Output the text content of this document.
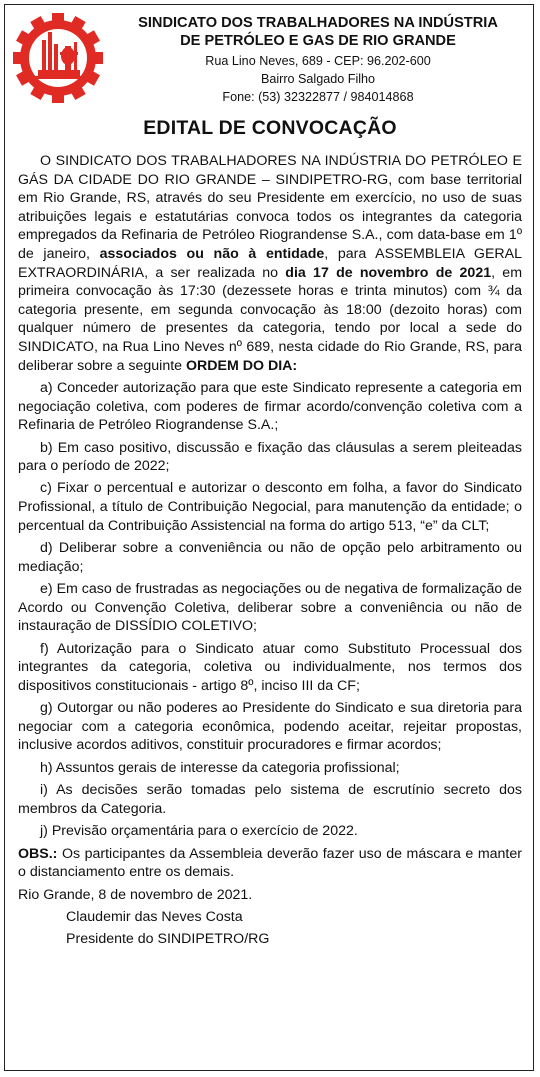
SINDICATO DOS TRABALHADORES NA INDÚSTRIA
DE PETRÓLEO E GAS DE RIO GRANDE
Rua Lino Neves, 689 - CEP: 96.202-600
Bairro Salgado Filho
Fone: (53) 32322877 / 984014868
EDITAL DE CONVOCAÇÃO

O SINDICATO DOS TRABALHADORES NA INDÚSTRIA DO PETRÓLEO E GÁS DA CIDADE DO RIO GRANDE – SINDIPETRO-RG, com base territorial em Rio Grande, RS, através do seu Presidente em exercício, no uso de suas atribuições legais e estatutárias convoca todos os integrantes da categoria empregados da Refinaria de Petróleo Riograndense S.A., com data-base em 1º de janeiro, associados ou não à entidade, para ASSEMBLEIA GERAL EXTRAORDINÁRIA, a ser realizada no dia 17 de novembro de 2021, em primeira convocação às 17:30 (dezessete horas e trinta minutos) com ¾ da categoria presente, em segunda convocação às 18:00 (dezoito horas) com qualquer número de presentes da categoria, tendo por local a sede do SINDICATO, na Rua Lino Neves nº 689, nesta cidade do Rio Grande, RS, para deliberar sobre a seguinte ORDEM DO DIA:

a) Conceder autorização para que este Sindicato represente a categoria em negociação coletiva, com poderes de firmar acordo/convenção coletiva com a Refinaria de Petróleo Riograndense S.A.;

b) Em caso positivo, discussão e fixação das cláusulas a serem pleiteadas para o período de 2022;

c) Fixar o percentual e autorizar o desconto em folha, a favor do Sindicato Profissional, a título de Contribuição Negocial, para manutenção da entidade; o percentual da Contribuição Assistencial na forma do artigo 513, “e” da CLT;

d) Deliberar sobre a conveniência ou não de opção pelo arbitramento ou mediação;

e) Em caso de frustradas as negociações ou de negativa de formalização de Acordo ou Convenção Coletiva, deliberar sobre a conveniência ou não de instauração de DISSÍDIO COLETIVO;

f) Autorização para o Sindicato atuar como Substituto Processual dos integrantes da categoria, coletiva ou individualmente, nos termos dos dispositivos constitucionais - artigo 8º, inciso III da CF;

g) Outorgar ou não poderes ao Presidente do Sindicato e sua diretoria para negociar com a categoria econômica, podendo aceitar, rejeitar propostas, inclusive acordos aditivos, constituir procuradores e firmar acordos;

h) Assuntos gerais de interesse da categoria profissional;

i) As decisões serão tomadas pelo sistema de escrutínio secreto dos membros da Categoria.

j) Previsão orçamentária para o exercício de 2022.

OBS.: Os participantes da Assembleia deverão fazer uso de máscara e manter o distanciamento entre os demais.

Rio Grande, 8 de novembro de 2021.

Claudemir das Neves Costa

Presidente do SINDIPETRO/RG
